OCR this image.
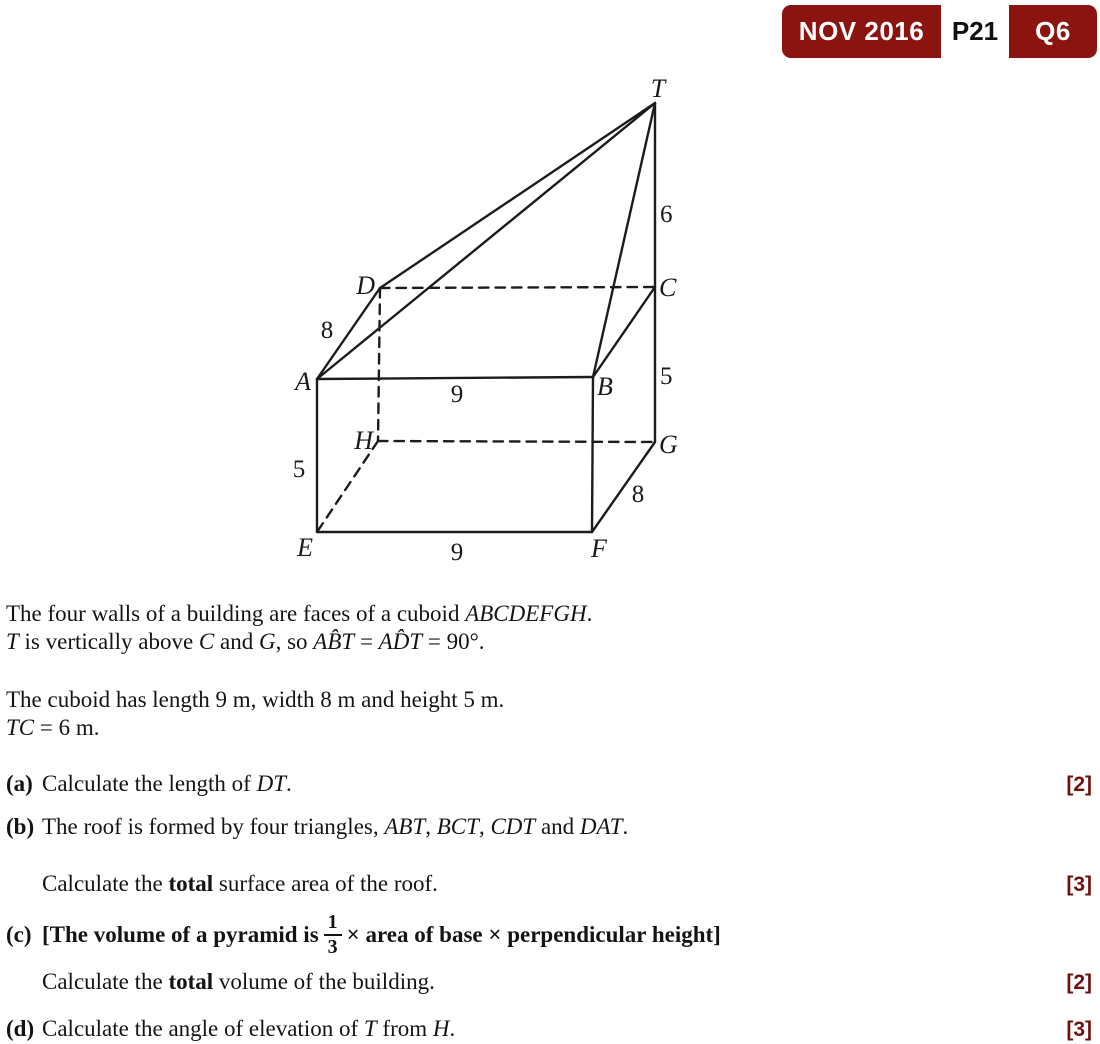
NOV 2016	P21	Q6
T
D	C
A	B
H	G
E	F
6
8
9
5
5
8
9
The four walls of a building are faces of a cuboid ABCDEFGH.
T is vertically above C and G, so AB̂T = AD̂T = 90°.
The cuboid has length 9 m, width 8 m and height 5 m.
TC = 6 m.
(a) Calculate the length of DT.	[2]
(b) The roof is formed by four triangles, ABT, BCT, CDT and DAT.
Calculate the total surface area of the roof.	[3]
(c) [The volume of a pyramid is $\frac{1}{3}$ × area of base × perpendicular height]
Calculate the total volume of the building.	[2]
(d) Calculate the angle of elevation of T from H.	[3]
